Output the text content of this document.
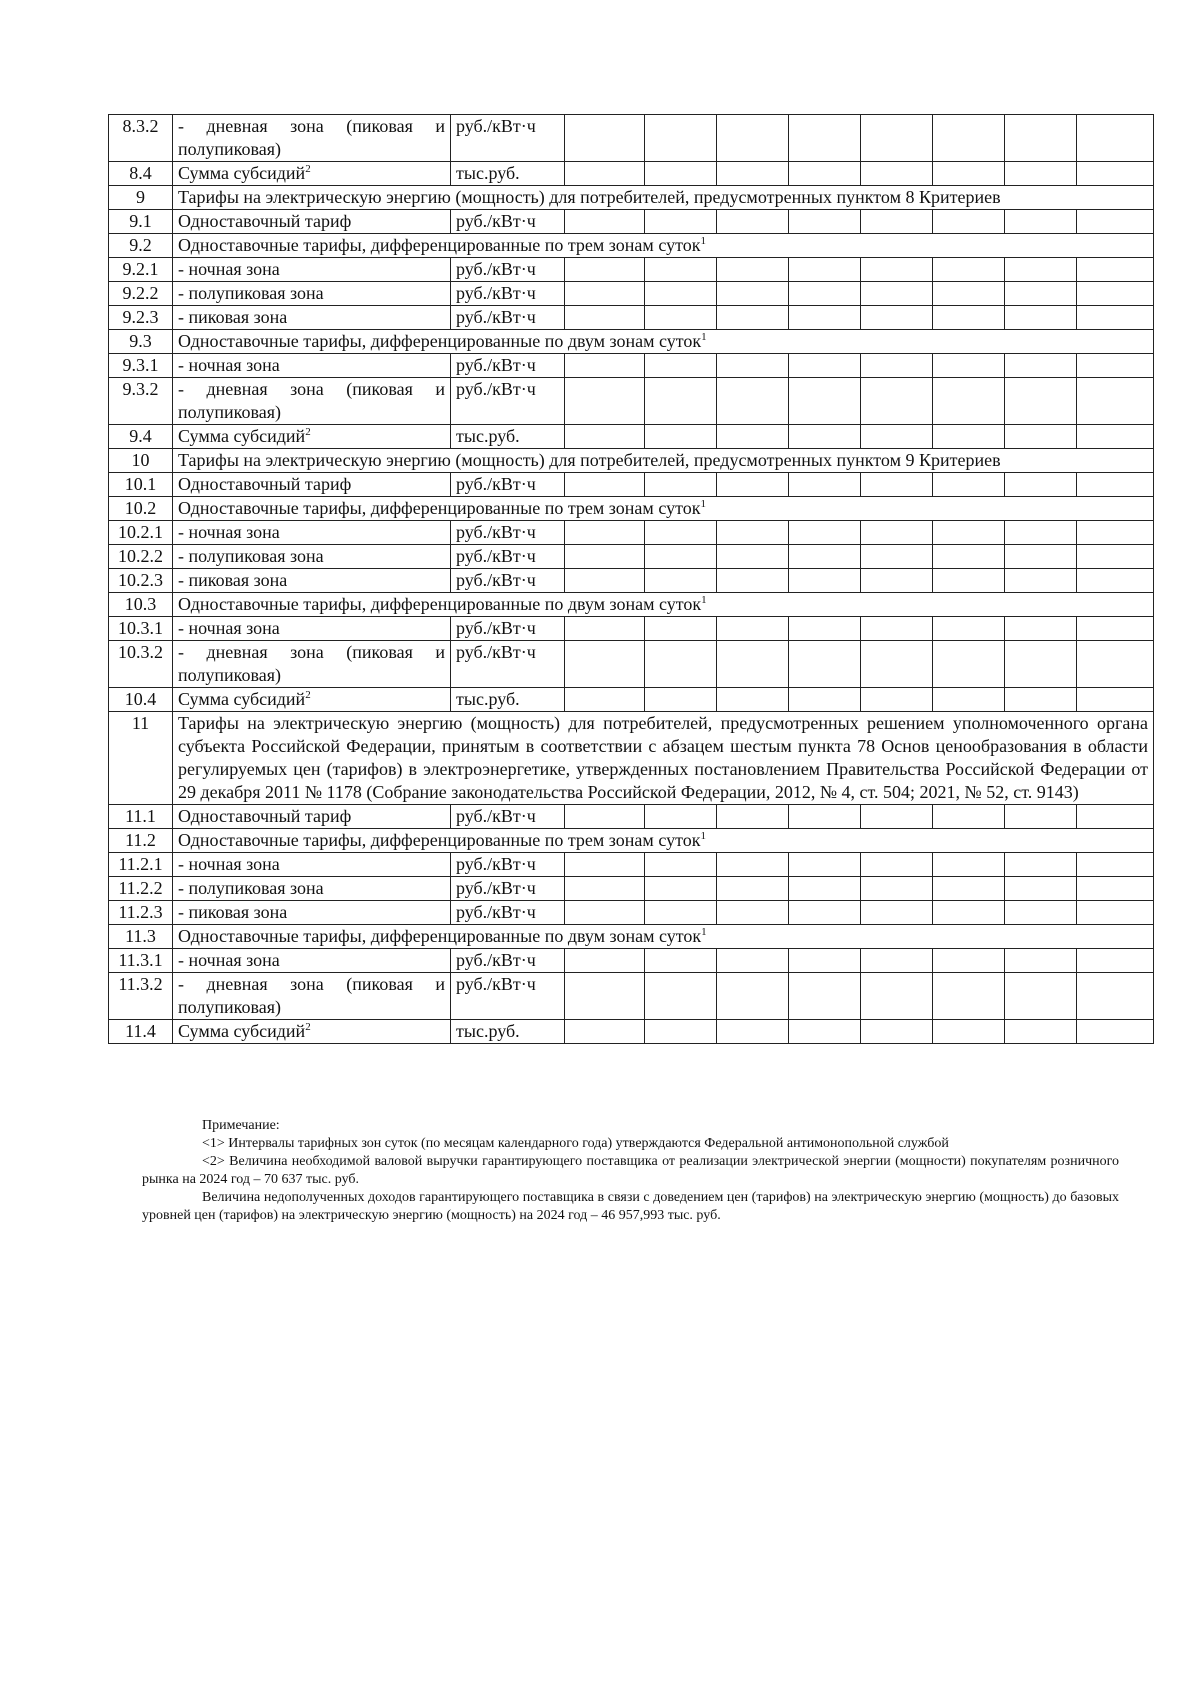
8.3.2	- дневная зона (пиковая и полупиковая)	руб./кВт·ч								
8.4	Сумма субсидий$^2$	тыс.руб.								
9	Тарифы на электрическую энергию (мощность) для потребителей, предусмотренных пунктом 8 Критериев									
9.1	Одноставочный тариф	руб./кВт·ч								
9.2	Одноставочные тарифы, дифференцированные по трем зонам суток$^1$
9.2.1	- ночная зона	руб./кВт·ч								
9.2.2	- полупиковая зона	руб./кВт·ч								
9.2.3	- пиковая зона	руб./кВт·ч								
9.3	Одноставочные тарифы, дифференцированные по двум зонам суток$^1$
9.3.1	- ночная зона	руб./кВт·ч								
9.3.2	- дневная зона (пиковая и полупиковая)	руб./кВт·ч								
9.4	Сумма субсидий$^2$	тыс.руб.								
10	Тарифы на электрическую энергию (мощность) для потребителей, предусмотренных пунктом 9 Критериев									
10.1	Одноставочный тариф	руб./кВт·ч								
10.2	Одноставочные тарифы, дифференцированные по трем зонам суток$^1$
10.2.1	- ночная зона	руб./кВт·ч								
10.2.2	- полупиковая зона	руб./кВт·ч								
10.2.3	- пиковая зона	руб./кВт·ч								
10.3	Одноставочные тарифы, дифференцированные по двум зонам суток$^1$
10.3.1	- ночная зона	руб./кВт·ч								
10.3.2	- дневная зона (пиковая и полупиковая)	руб./кВт·ч								
10.4	Сумма субсидий$^2$	тыс.руб.								
11	Тарифы на электрическую энергию (мощность) для потребителей, предусмотренных решением уполномоченного органа субъекта Российской Федерации, принятым в соответствии с абзацем шестым пункта 78 Основ ценообразования в области регулируемых цен (тарифов) в электроэнергетике, утвержденных постановлением Правительства Российской Федерации от 29 декабря 2011 № 1178 (Собрание законодательства Российской Федерации, 2012, № 4, ст. 504; 2021, № 52, ст. 9143)									
11.1	Одноставочный тариф	руб./кВт·ч								
11.2	Одноставочные тарифы, дифференцированные по трем зонам суток$^1$
11.2.1	- ночная зона	руб./кВт·ч								
11.2.2	- полупиковая зона	руб./кВт·ч								
11.2.3	- пиковая зона	руб./кВт·ч								
11.3	Одноставочные тарифы, дифференцированные по двум зонам суток$^1$
11.3.1	- ночная зона	руб./кВт·ч								
11.3.2	- дневная зона (пиковая и полупиковая)	руб./кВт·ч								
11.4	Сумма субсидий$^2$	тыс.руб.								

Примечание:

<1> Интервалы тарифных зон суток (по месяцам календарного года) утверждаются Федеральной антимонопольной службой

<2> Величина необходимой валовой выручки гарантирующего поставщика от реализации электрической энергии (мощности) покупателям розничного рынка на 2024 год – 70 637 тыс. руб.

Величина недополученных доходов гарантирующего поставщика в связи с доведением цен (тарифов) на электрическую энергию (мощность) до базовых уровней цен (тарифов) на электрическую энергию (мощность) на 2024 год – 46 957,993 тыс. руб.
